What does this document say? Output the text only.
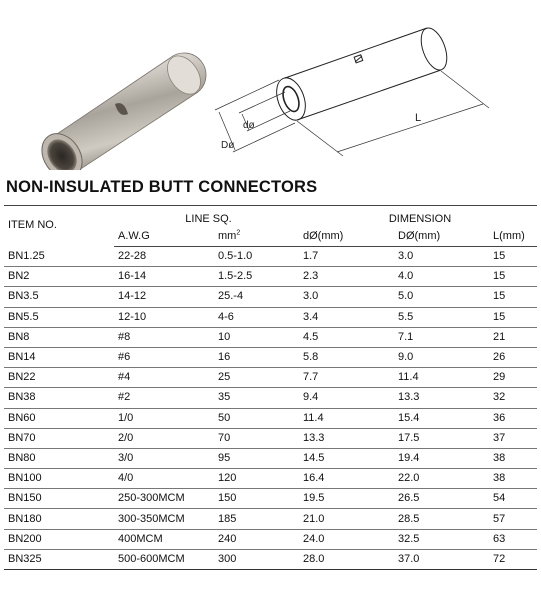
dø
Dø
L
NON-INSULATED BUTT CONNECTORS
ITEM NO.	LINE SQ.		DIMENSION		
	A.W.G	$mm^2$	dØ(mm)	DØ(mm)	L(mm)
BN1.25	22-28	0.5-1.0	1.7	3.0	15
BN2	16-14	1.5-2.5	2.3	4.0	15
BN3.5	14-12	25.-4	3.0	5.0	15
BN5.5	12-10	4-6	3.4	5.5	15
BN8	#8	10	4.5	7.1	21
BN14	#6	16	5.8	9.0	26
BN22	#4	25	7.7	11.4	29
BN38	#2	35	9.4	13.3	32
BN60	1/0	50	11.4	15.4	36
BN70	2/0	70	13.3	17.5	37
BN80	3/0	95	14.5	19.4	38
BN100	4/0	120	16.4	22.0	38
BN150	250-300MCM	150	19.5	26.5	54
BN180	300-350MCM	185	21.0	28.5	57
BN200	400MCM	240	24.0	32.5	63
BN325	500-600MCM	300	28.0	37.0	72
